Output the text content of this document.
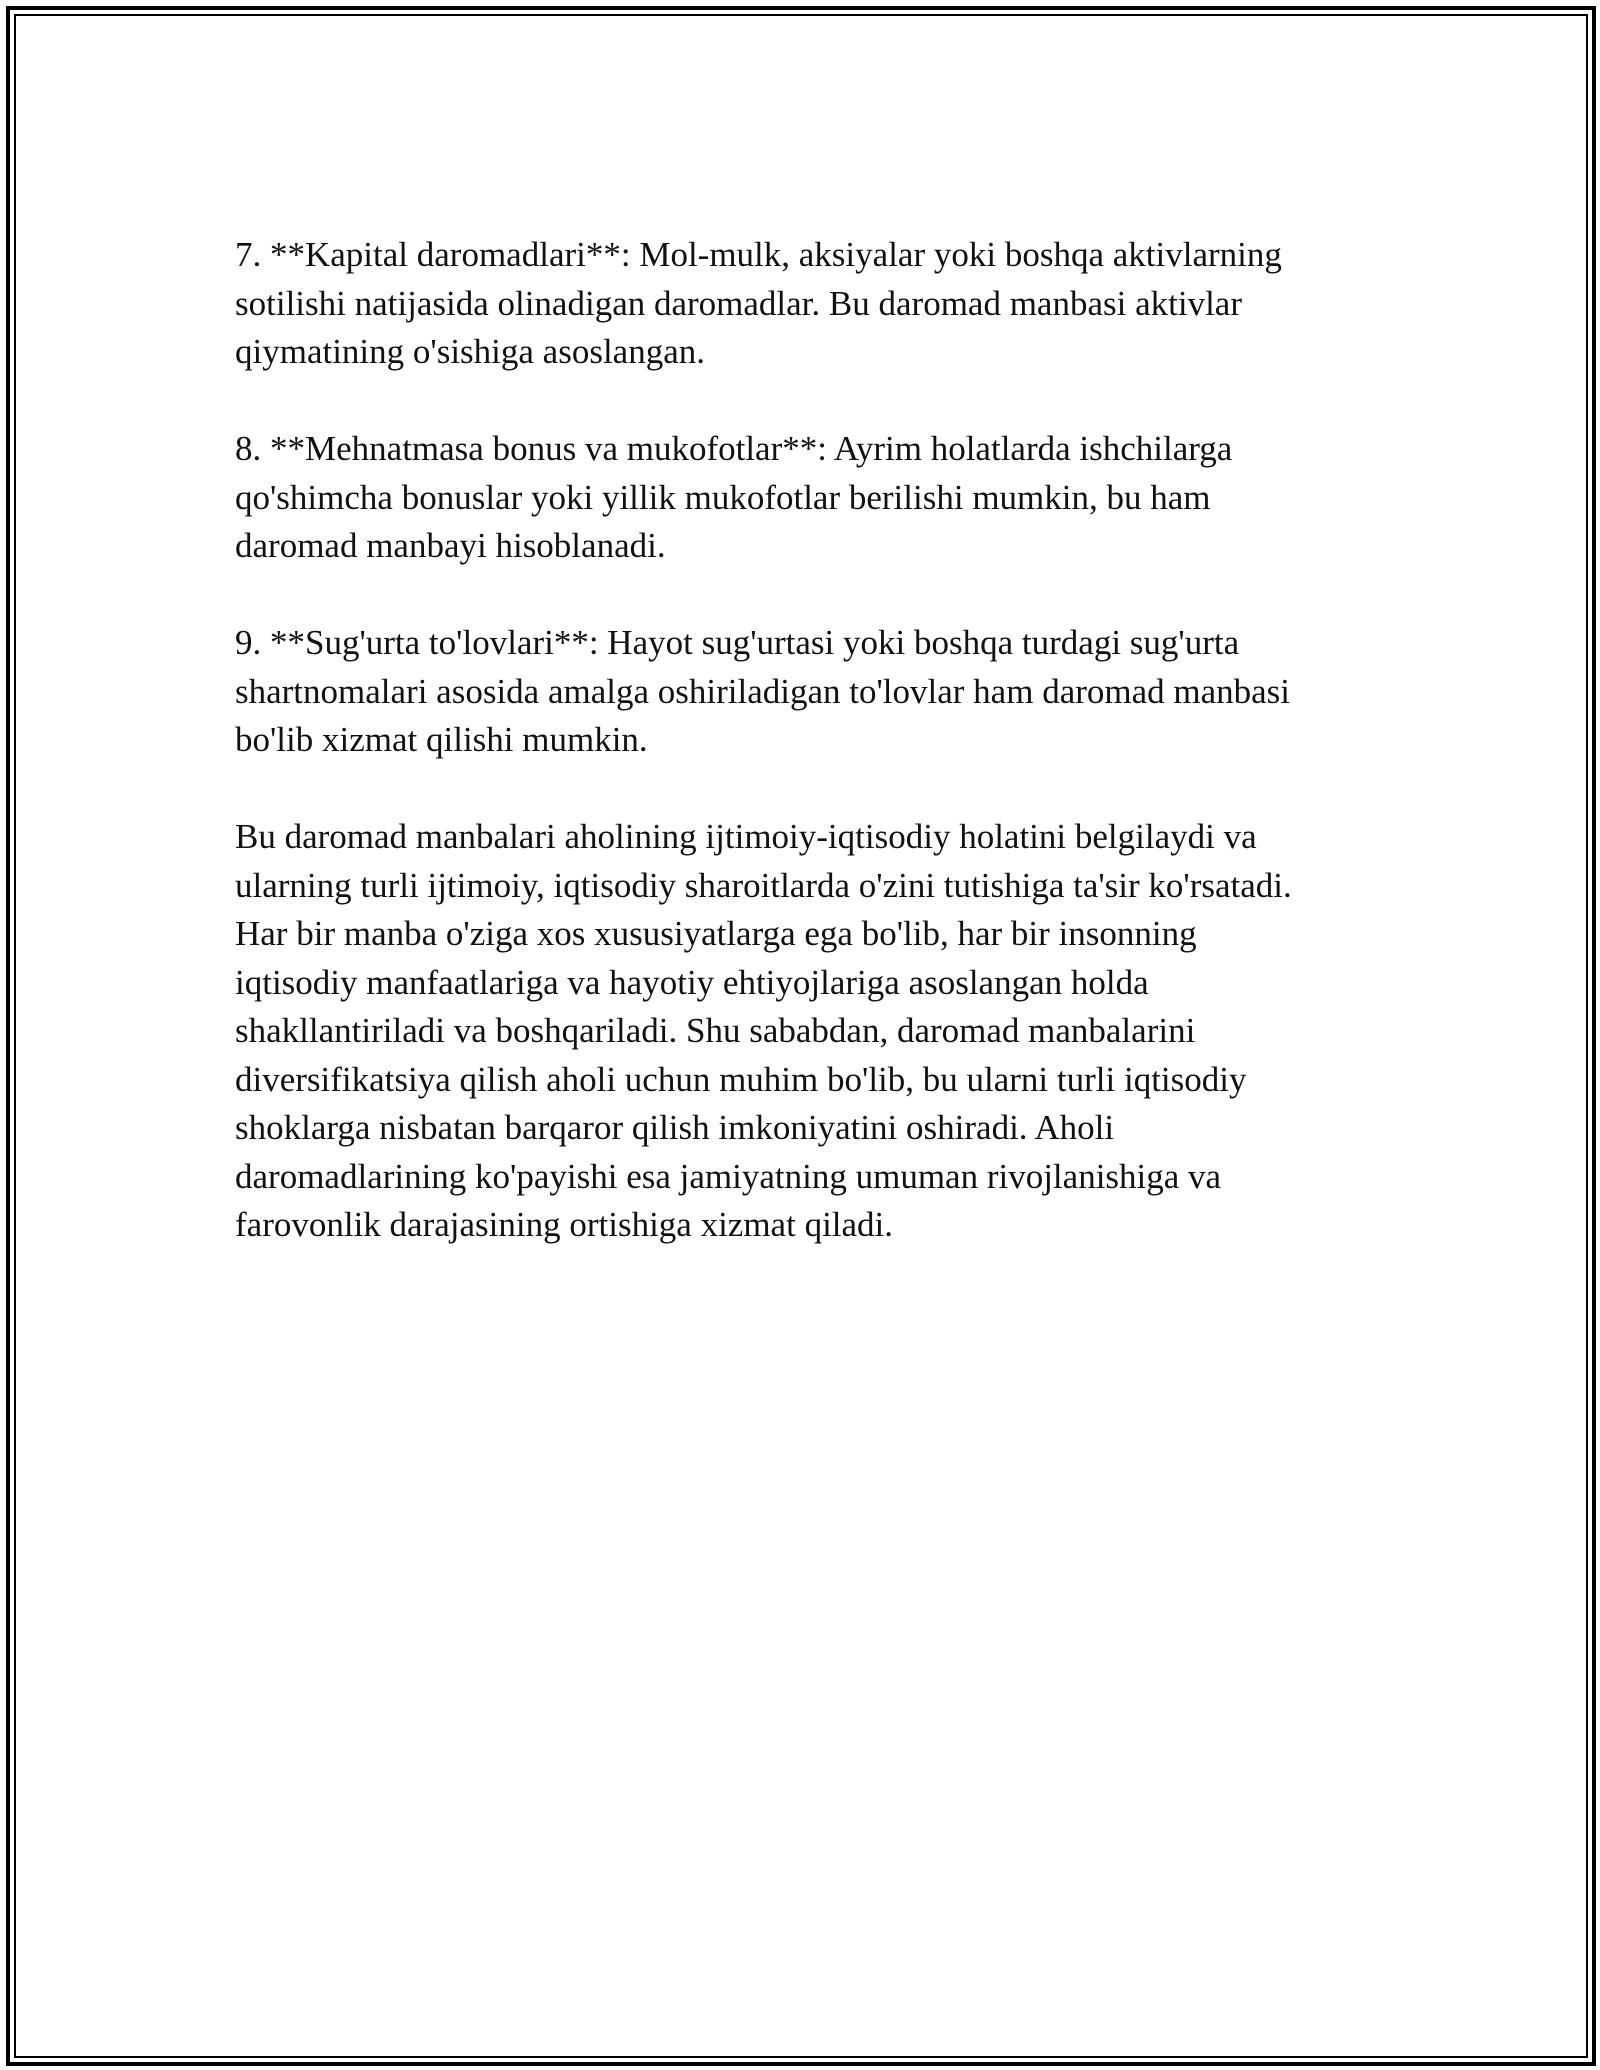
7. **Kapital daromadlari**: Mol-mulk, aksiyalar yoki boshqa aktivlarning
sotilishi natijasida olinadigan daromadlar. Bu daromad manbasi aktivlar
qiymatining o'sishiga asoslangan.

8. **Mehnatmasa bonus va mukofotlar**: Ayrim holatlarda ishchilarga
qo'shimcha bonuslar yoki yillik mukofotlar berilishi mumkin, bu ham
daromad manbayi hisoblanadi.

9. **Sug'urta to'lovlari**: Hayot sug'urtasi yoki boshqa turdagi sug'urta
shartnomalari asosida amalga oshiriladigan to'lovlar ham daromad manbasi
bo'lib xizmat qilishi mumkin.

Bu daromad manbalari aholining ijtimoiy-iqtisodiy holatini belgilaydi va
ularning turli ijtimoiy, iqtisodiy sharoitlarda o'zini tutishiga ta'sir ko'rsatadi.
Har bir manba o'ziga xos xususiyatlarga ega bo'lib, har bir insonning
iqtisodiy manfaatlariga va hayotiy ehtiyojlariga asoslangan holda
shakllantiriladi va boshqariladi. Shu sababdan, daromad manbalarini
diversifikatsiya qilish aholi uchun muhim bo'lib, bu ularni turli iqtisodiy
shoklarga nisbatan barqaror qilish imkoniyatini oshiradi. Aholi
daromadlarining ko'payishi esa jamiyatning umuman rivojlanishiga va
farovonlik darajasining ortishiga xizmat qiladi.
